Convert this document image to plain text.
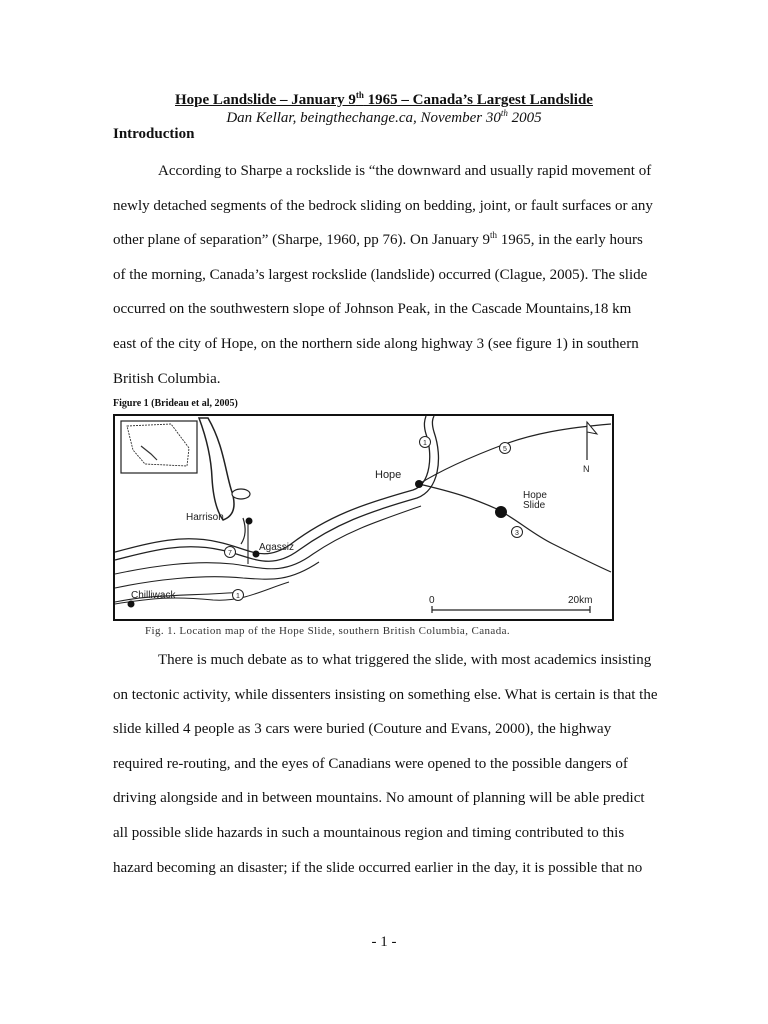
Hope Landslide – January 9th 1965 – Canada’s Largest Landslide
Dan Kellar, beingthechange.ca, November 30th 2005
Introduction

According to Sharpe a rockslide is “the downward and usually rapid movement of newly detached segments of the bedrock sliding on bedding, joint, or fault surfaces or any other plane of separation” (Sharpe, 1960, pp 76). On January 9th 1965, in the early hours of the morning, Canada’s largest rockslide (landslide) occurred (Clague, 2005). The slide occurred on the southwestern slope of Johnson Peak, in the Cascade Mountains,18 km east of the city of Hope, on the northern side along highway 3 (see figure 1) in southern British Columbia.

Figure 1 (Brideau et al, 2005)
N
Hope
Hope
Slide
Harrison
Agassiz
Chilliwack
1
5
3
7
1	0	20km
Fig. 1. Location map of the Hope Slide, southern British Columbia, Canada.

There is much debate as to what triggered the slide, with most academics insisting on tectonic activity, while dissenters insisting on something else. What is certain is that the slide killed 4 people as 3 cars were buried (Couture and Evans, 2000), the highway required re-routing, and the eyes of Canadians were opened to the possible dangers of driving alongside and in between mountains. No amount of planning will be able predict all possible slide hazards in such a mountainous region and timing contributed to this hazard becoming an disaster; if the slide occurred earlier in the day, it is possible that no

- 1 -
